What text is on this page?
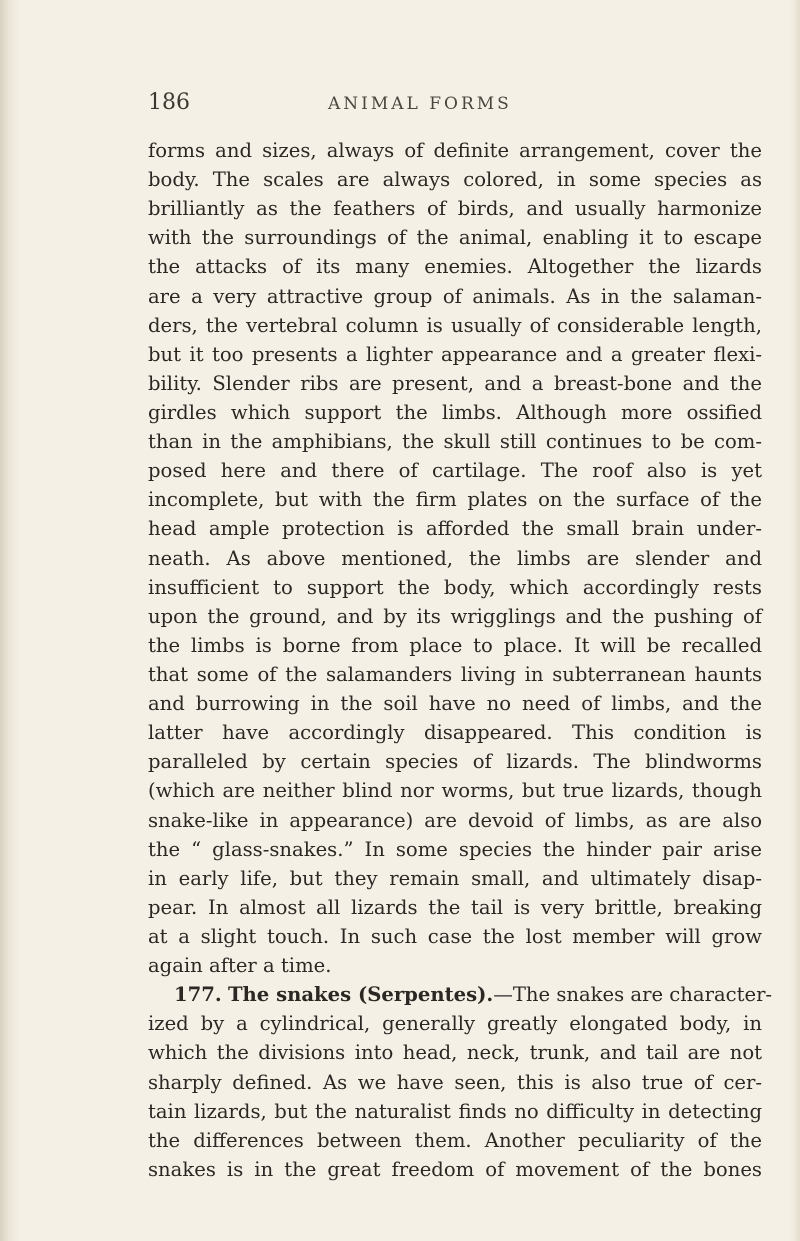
186	ANIMAL FORMS
forms and sizes, always of definite arrangement, cover the
body. The scales are always colored, in some species as
brilliantly as the feathers of birds, and usually harmonize
with the surroundings of the animal, enabling it to escape
the attacks of its many enemies. Altogether the lizards
are a very attractive group of animals. As in the salaman-
ders, the vertebral column is usually of considerable length,
but it too presents a lighter appearance and a greater flexi-
bility. Slender ribs are present, and a breast-bone and the
girdles which support the limbs. Although more ossified
than in the amphibians, the skull still continues to be com-
posed here and there of cartilage. The roof also is yet
incomplete, but with the firm plates on the surface of the
head ample protection is afforded the small brain under-
neath. As above mentioned, the limbs are slender and
insufficient to support the body, which accordingly rests
upon the ground, and by its wrigglings and the pushing of
the limbs is borne from place to place. It will be recalled
that some of the salamanders living in subterranean haunts
and burrowing in the soil have no need of limbs, and the
latter have accordingly disappeared. This condition is
paralleled by certain species of lizards. The blindworms
(which are neither blind nor worms, but true lizards, though
snake-like in appearance) are devoid of limbs, as are also
the “ glass-snakes.” In some species the hinder pair arise
in early life, but they remain small, and ultimately disap-
pear. In almost all lizards the tail is very brittle, breaking
at a slight touch. In such case the lost member will grow
again after a time.
177. The snakes (Serpentes).—The snakes are character-
ized by a cylindrical, generally greatly elongated body, in
which the divisions into head, neck, trunk, and tail are not
sharply defined. As we have seen, this is also true of cer-
tain lizards, but the naturalist finds no difficulty in detecting
the differences between them. Another peculiarity of the
snakes is in the great freedom of movement of the bones
